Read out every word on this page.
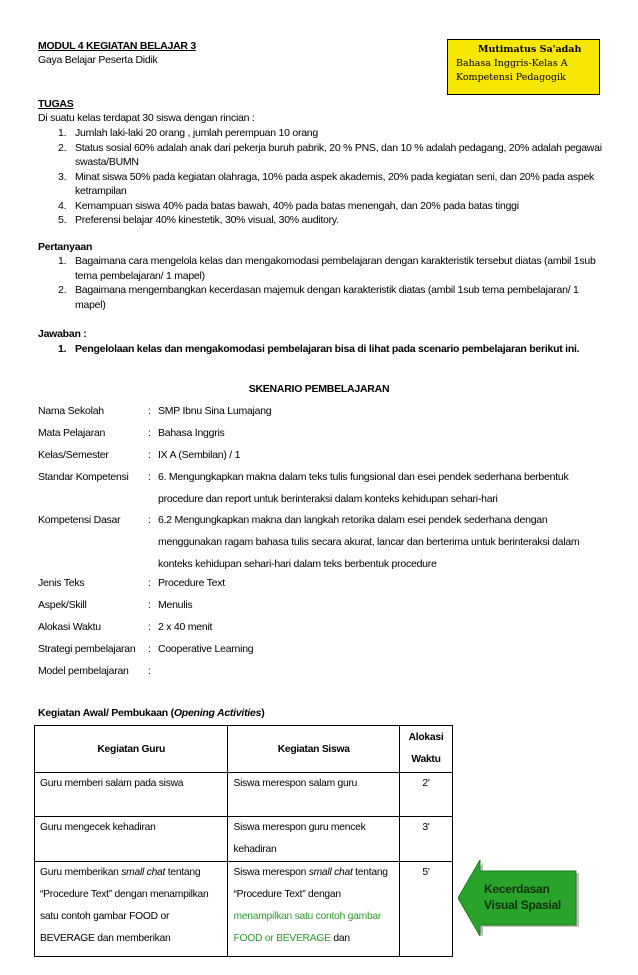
MODUL 4 KEGIATAN BELAJAR 3
Gaya Belajar Peserta Didik
Mutimatus Sa'adah
Bahasa Inggris-Kelas A
Kompetensi Pedagogik
TUGAS
Di suatu kelas terdapat 30 siswa dengan rincian :
1. Jumlah laki-laki 20 orang , jumlah perempuan 10 orang
2. Status sosial 60% adalah anak dari pekerja buruh pabrik, 20 % PNS, dan 10 % adalah pedagang, 20% adalah pegawai swasta/BUMN
3. Minat siswa 50% pada kegiatan olahraga, 10% pada aspek akademis, 20% pada kegiatan seni, dan 20% pada aspek ketrampilan
4. Kemampuan siswa 40% pada batas bawah, 40% pada batas menengah, dan 20% pada batas tinggi
5. Preferensi belajar 40% kinestetik, 30% visual, 30% auditory.
Pertanyaan
1. Bagaimana cara mengelola kelas dan mengakomodasi pembelajaran dengan karakteristik tersebut diatas (ambil 1sub tema pembelajaran/ 1 mapel)
2. Bagaimana mengembangkan kecerdasan majemuk dengan karakteristik diatas (ambil 1sub tema pembelajaran/ 1 mapel)
Jawaban :
1. Pengelolaan kelas dan mengakomodasi pembelajaran bisa di lihat pada scenario pembelajaran berikut ini.
SKENARIO PEMBELAJARAN
Nama Sekolah	: SMP Ibnu Sina Lumajang
Mata Pelajaran	: Bahasa Inggris
Kelas/Semester	: IX A (Sembilan) / 1
Standar Kompetensi : 6. Mengungkapkan makna dalam teks tulis fungsional dan esei pendek sederhana berbentuk procedure dan report untuk berinteraksi dalam konteks kehidupan sehari-hari
Kompetensi Dasar	: 6.2 Mengungkapkan makna dan langkah retorika dalam esei pendek sederhana dengan menggunakan ragam bahasa tulis secara akurat, lancar dan berterima untuk berinteraksi dalam konteks kehidupan sehari-hari dalam teks berbentuk procedure
Jenis Teks	: Procedure Text
Aspek/Skill	: Menulis
Alokasi Waktu	: 2 x 40 menit
Strategi pembelajaran : Cooperative Learning
Model pembelajaran :
Kegiatan Awal/ Pembukaan (Opening Activities)
Kegiatan Guru	Kegiatan Siswa	Alokasi Waktu
Guru memberi salam pada siswa	Siswa merespon salam guru	2'
Guru mengecek kehadiran	Siswa merespon guru mencek kehadiran	3'
Guru memberikan small chat tentang “Procedure Text” dengan menampilkan satu contoh gambar FOOD or BEVERAGE dan memberikan	Siswa merespon small chat tentang “Procedure Text” dengan menampilkan satu contoh gambar FOOD or BEVERAGE dan	5'
Kecerdasan
Visual Spasial
